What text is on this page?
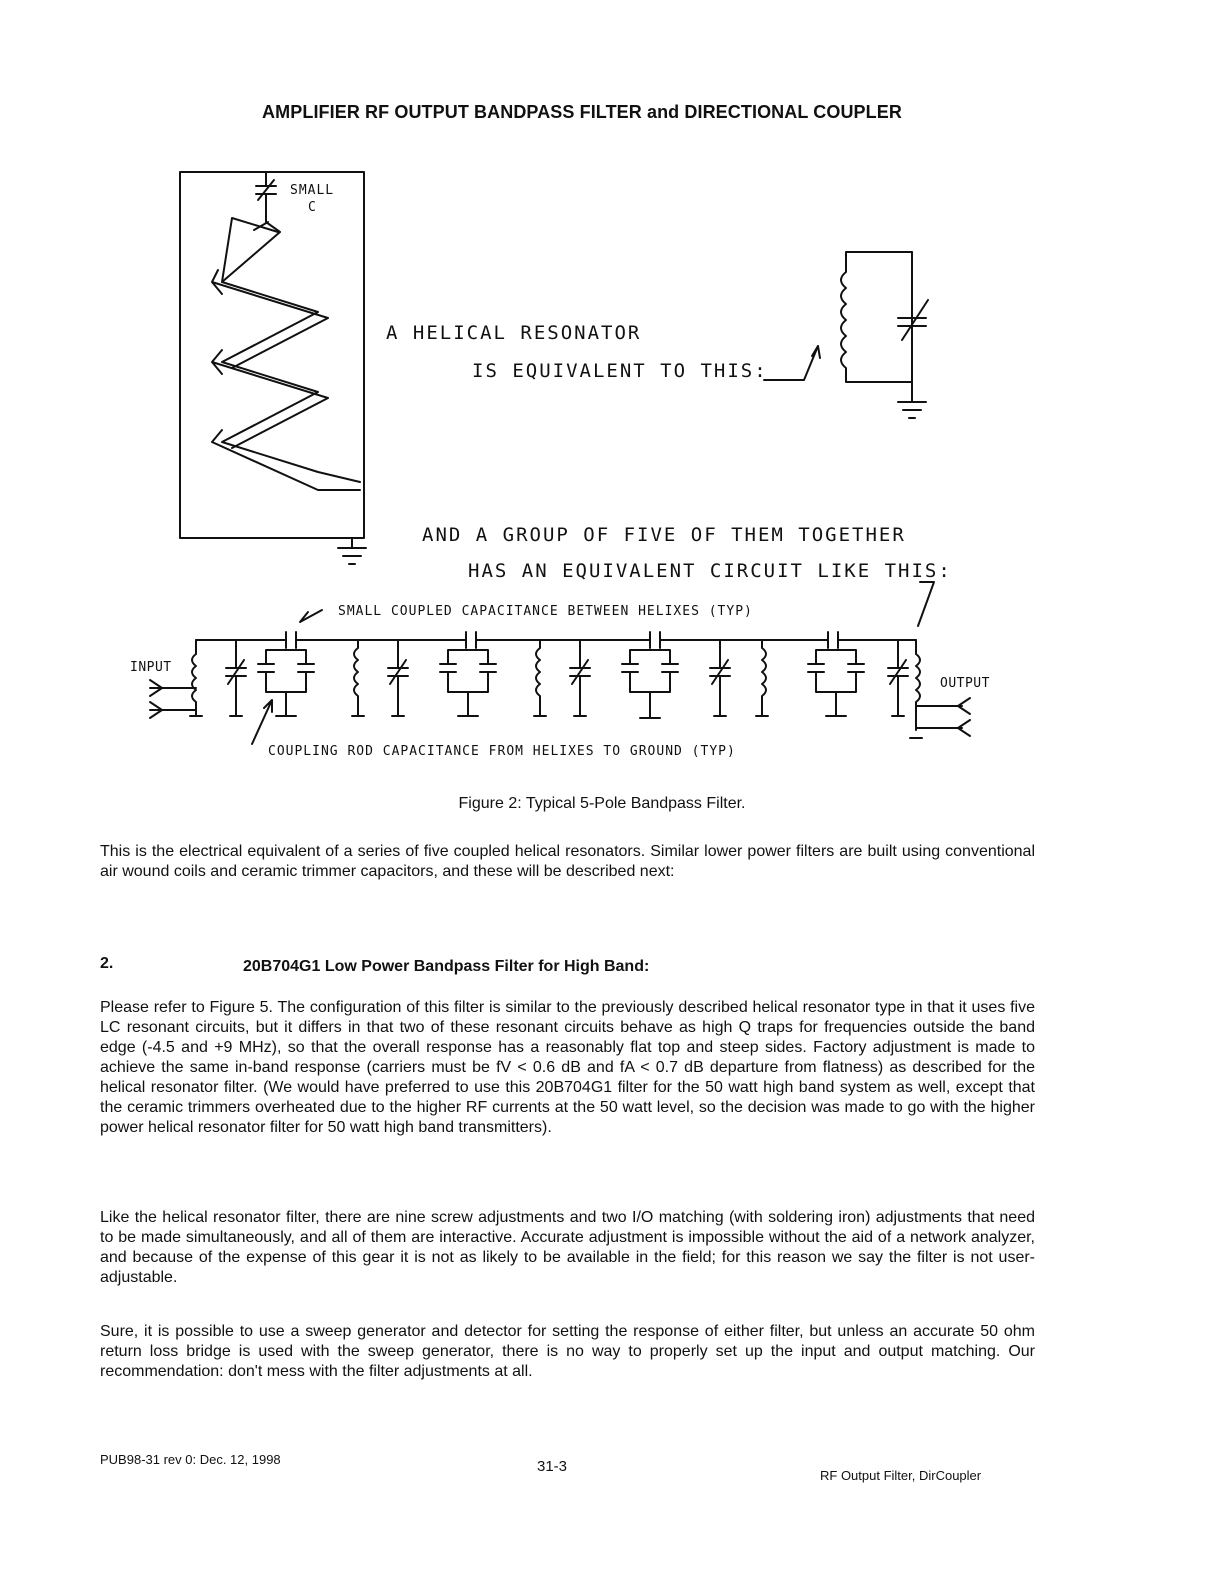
AMPLIFIER RF OUTPUT BANDPASS FILTER and DIRECTIONAL COUPLER
SMALL
C
A HELICAL RESONATOR
IS EQUIVALENT TO THIS:
AND A GROUP OF FIVE OF THEM TOGETHER
HAS AN EQUIVALENT CIRCUIT LIKE THIS:
SMALL COUPLED CAPACITANCE BETWEEN HELIXES (TYP)
INPUT
OUTPUT
COUPLING ROD CAPACITANCE FROM HELIXES TO GROUND (TYP)
Figure 2: Typical 5-Pole Bandpass Filter.
This is the electrical equivalent of a series of five coupled helical resonators. Similar lower power filters are built using conventional air wound coils and ceramic trimmer capacitors, and these will be described next:
2.	20B704G1 Low Power Bandpass Filter for High Band:
Please refer to Figure 5. The configuration of this filter is similar to the previously described helical resonator type in that it uses five LC resonant circuits, but it differs in that two of these resonant circuits behave as high Q traps for frequencies outside the band edge (-4.5 and +9 MHz), so that the overall response has a reasonably flat top and steep sides. Factory adjustment is made to achieve the same in-band response (carriers must be fV < 0.6 dB and fA < 0.7 dB departure from flatness) as described for the helical resonator filter. (We would have preferred to use this 20B704G1 filter for the 50 watt high band system as well, except that the ceramic trimmers overheated due to the higher RF currents at the 50 watt level, so the decision was made to go with the higher power helical resonator filter for 50 watt high band transmitters).
Like the helical resonator filter, there are nine screw adjustments and two I/O matching (with soldering iron) adjustments that need to be made simultaneously, and all of them are interactive. Accurate adjustment is impossible without the aid of a network analyzer, and because of the expense of this gear it is not as likely to be available in the field; for this reason we say the filter is not user-adjustable.
Sure, it is possible to use a sweep generator and detector for setting the response of either filter, but unless an accurate 50 ohm return loss bridge is used with the sweep generator, there is no way to properly set up the input and output matching. Our recommendation: don't mess with the filter adjustments at all.
PUB98-31 rev 0: Dec. 12, 1998	31-3
RF Output Filter, DirCoupler
